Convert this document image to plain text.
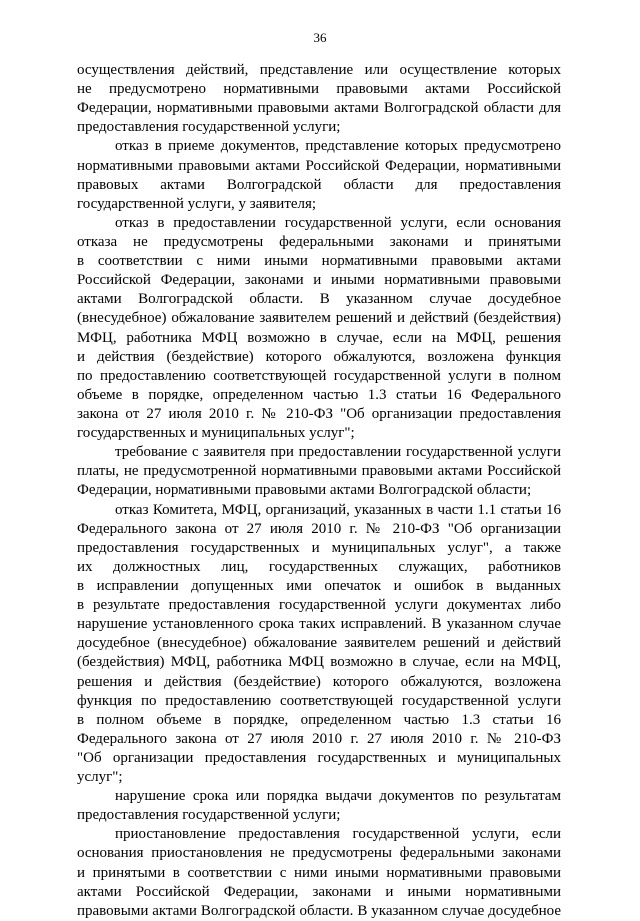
36
осуществления действий, представление или осуществление которых
не предусмотрено нормативными правовыми актами Российской
Федерации, нормативными правовыми актами Волгоградской области для
предоставления государственной услуги;
отказ в приеме документов, представление которых предусмотрено
нормативными правовыми актами Российской Федерации, нормативными
правовых актами Волгоградской области для предоставления
государственной услуги, у заявителя;
отказ в предоставлении государственной услуги, если основания
отказа не предусмотрены федеральными законами и принятыми
в соответствии с ними иными нормативными правовыми актами
Российской Федерации, законами и иными нормативными правовыми
актами Волгоградской области. В указанном случае досудебное
(внесудебное) обжалование заявителем решений и действий (бездействия)
МФЦ, работника МФЦ возможно в случае, если на МФЦ, решения
и действия (бездействие) которого обжалуются, возложена функция
по предоставлению соответствующей государственной услуги в полном
объеме в порядке, определенном частью 1.3 статьи 16 Федерального
закона от 27 июля 2010 г. № 210-ФЗ "Об организации предоставления
государственных и муниципальных услуг";
требование с заявителя при предоставлении государственной услуги
платы, не предусмотренной нормативными правовыми актами Российской
Федерации, нормативными правовыми актами Волгоградской области;
отказ Комитета, МФЦ, организаций, указанных в части 1.1 статьи 16
Федерального закона от 27 июля 2010 г. № 210-ФЗ "Об организации
предоставления государственных и муниципальных услуг", а также
их должностных лиц, государственных служащих, работников
в исправлении допущенных ими опечаток и ошибок в выданных
в результате предоставления государственной услуги документах либо
нарушение установленного срока таких исправлений. В указанном случае
досудебное (внесудебное) обжалование заявителем решений и действий
(бездействия) МФЦ, работника МФЦ возможно в случае, если на МФЦ,
решения и действия (бездействие) которого обжалуются, возложена
функция по предоставлению соответствующей государственной услуги
в полном объеме в порядке, определенном частью 1.3 статьи 16
Федерального закона от 27 июля 2010 г. 27 июля 2010 г. № 210-ФЗ
"Об организации предоставления государственных и муниципальных
услуг";
нарушение срока или порядка выдачи документов по результатам
предоставления государственной услуги;
приостановление предоставления государственной услуги, если
основания приостановления не предусмотрены федеральными законами
и принятыми в соответствии с ними иными нормативными правовыми
актами Российской Федерации, законами и иными нормативными
правовыми актами Волгоградской области. В указанном случае досудебное
